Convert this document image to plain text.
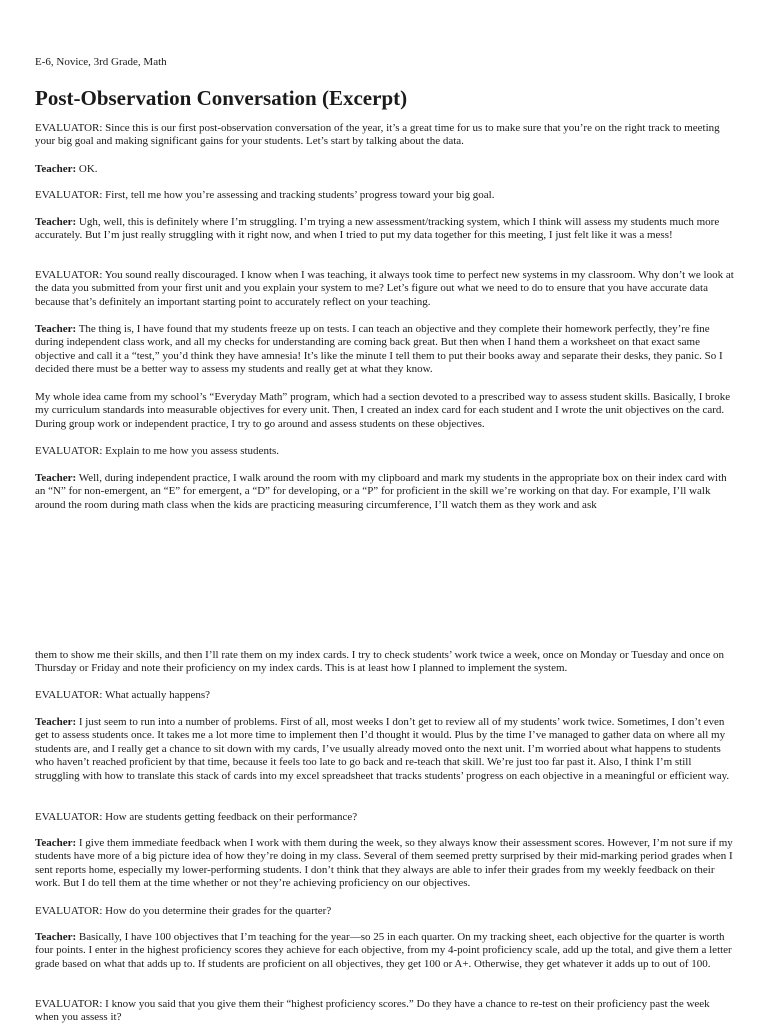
E-6, Novice, 3rd Grade, Math
Post-Observation Conversation (Excerpt)

EVALUATOR: Since this is our first post-observation conversation of the year, it’s a great time for us to make sure that you’re on the right track to meeting your big goal and making significant gains for your students. Let’s start by talking about the data.

Teacher: OK.

EVALUATOR: First, tell me how you’re assessing and tracking students’ progress toward your big goal.

Teacher: Ugh, well, this is definitely where I’m struggling. I’m trying a new assessment/tracking system, which I think will assess my students much more accurately. But I’m just really struggling with it right now, and when I tried to put my data together for this meeting, I just felt like it was a mess!

EVALUATOR: You sound really discouraged. I know when I was teaching, it always took time to perfect new systems in my classroom. Why don’t we look at the data you submitted from your first unit and you explain your system to me? Let’s figure out what we need to do to ensure that you have accurate data because that’s definitely an important starting point to accurately reflect on your teaching.

Teacher: The thing is, I have found that my students freeze up on tests. I can teach an objective and they complete their homework perfectly, they’re fine during independent class work, and all my checks for understanding are coming back great. But then when I hand them a worksheet on that exact same objective and call it a “test,” you’d think they have amnesia! It’s like the minute I tell them to put their books away and separate their desks, they panic. So I decided there must be a better way to assess my students and really get at what they know.

My whole idea came from my school’s “Everyday Math” program, which had a section devoted to a prescribed way to assess student skills. Basically, I broke my curriculum standards into measurable objectives for every unit. Then, I created an index card for each student and I wrote the unit objectives on the card. During group work or independent practice, I try to go around and assess students on these objectives.

EVALUATOR: Explain to me how you assess students.

Teacher: Well, during independent practice, I walk around the room with my clipboard and mark my students in the appropriate box on their index card with an “N” for non-emergent, an “E” for emergent, a “D” for developing, or a “P” for proficient in the skill we’re working on that day. For example, I’ll walk around the room during math class when the kids are practicing measuring circumference, I’ll watch them as they work and ask

them to show me their skills, and then I’ll rate them on my index cards. I try to check students’ work twice a week, once on Monday or Tuesday and once on Thursday or Friday and note their proficiency on my index cards. This is at least how I planned to implement the system.

EVALUATOR: What actually happens?

Teacher: I just seem to run into a number of problems. First of all, most weeks I don’t get to review all of my students’ work twice. Sometimes, I don’t even get to assess students once. It takes me a lot more time to implement then I’d thought it would. Plus by the time I’ve managed to gather data on where all my students are, and I really get a chance to sit down with my cards, I’ve usually already moved onto the next unit. I’m worried about what happens to students who haven’t reached proficient by that time, because it feels too late to go back and re-teach that skill. We’re just too far past it. Also, I think I’m still struggling with how to translate this stack of cards into my excel spreadsheet that tracks students’ progress on each objective in a meaningful or efficient way.

EVALUATOR: How are students getting feedback on their performance?

Teacher: I give them immediate feedback when I work with them during the week, so they always know their assessment scores. However, I’m not sure if my students have more of a big picture idea of how they’re doing in my class. Several of them seemed pretty surprised by their mid-marking period grades when I sent reports home, especially my lower-performing students. I don’t think that they always are able to infer their grades from my weekly feedback on their work. But I do tell them at the time whether or not they’re achieving proficiency on our objectives.

EVALUATOR: How do you determine their grades for the quarter?

Teacher: Basically, I have 100 objectives that I’m teaching for the year—so 25 in each quarter. On my tracking sheet, each objective for the quarter is worth four points. I enter in the highest proficiency scores they achieve for each objective, from my 4-point proficiency scale, add up the total, and give them a letter grade based on what that adds up to. If students are proficient on all objectives, they get 100 or A+. Otherwise, they get whatever it adds up to out of 100.

EVALUATOR: I know you said that you give them their “highest proficiency scores.” Do they have a chance to re-test on their proficiency past the week when you assess it?
